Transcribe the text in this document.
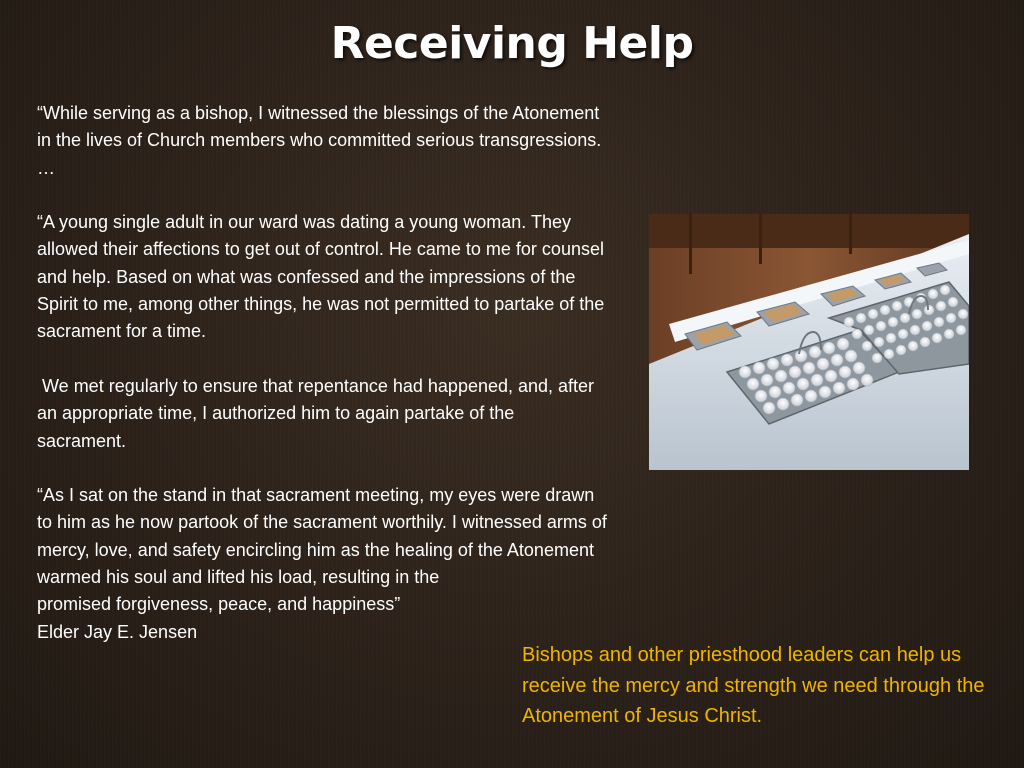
Receiving Help

“While serving as a bishop, I witnessed the blessings of the Atonement in the lives of Church members who committed serious transgressions. …

“A young single adult in our ward was dating a young woman. They allowed their affections to get out of control. He came to me for counsel and help. Based on what was confessed and the impressions of the Spirit to me, among other things, he was not permitted to partake of the sacrament for a time.

We met regularly to ensure that repentance had happened, and, after an appropriate time, I authorized him to again partake of the sacrament.

“As I sat on the stand in that sacrament meeting, my eyes were drawn to him as he now partook of the sacrament worthily. I witnessed arms of mercy, love, and safety encircling him as the healing of the Atonement warmed his soul and lifted his load, resulting in the
promised forgiveness, peace, and happiness”
Elder Jay E. Jensen

Bishops and other priesthood leaders can help us receive the mercy and strength we need through the Atonement of Jesus Christ.
